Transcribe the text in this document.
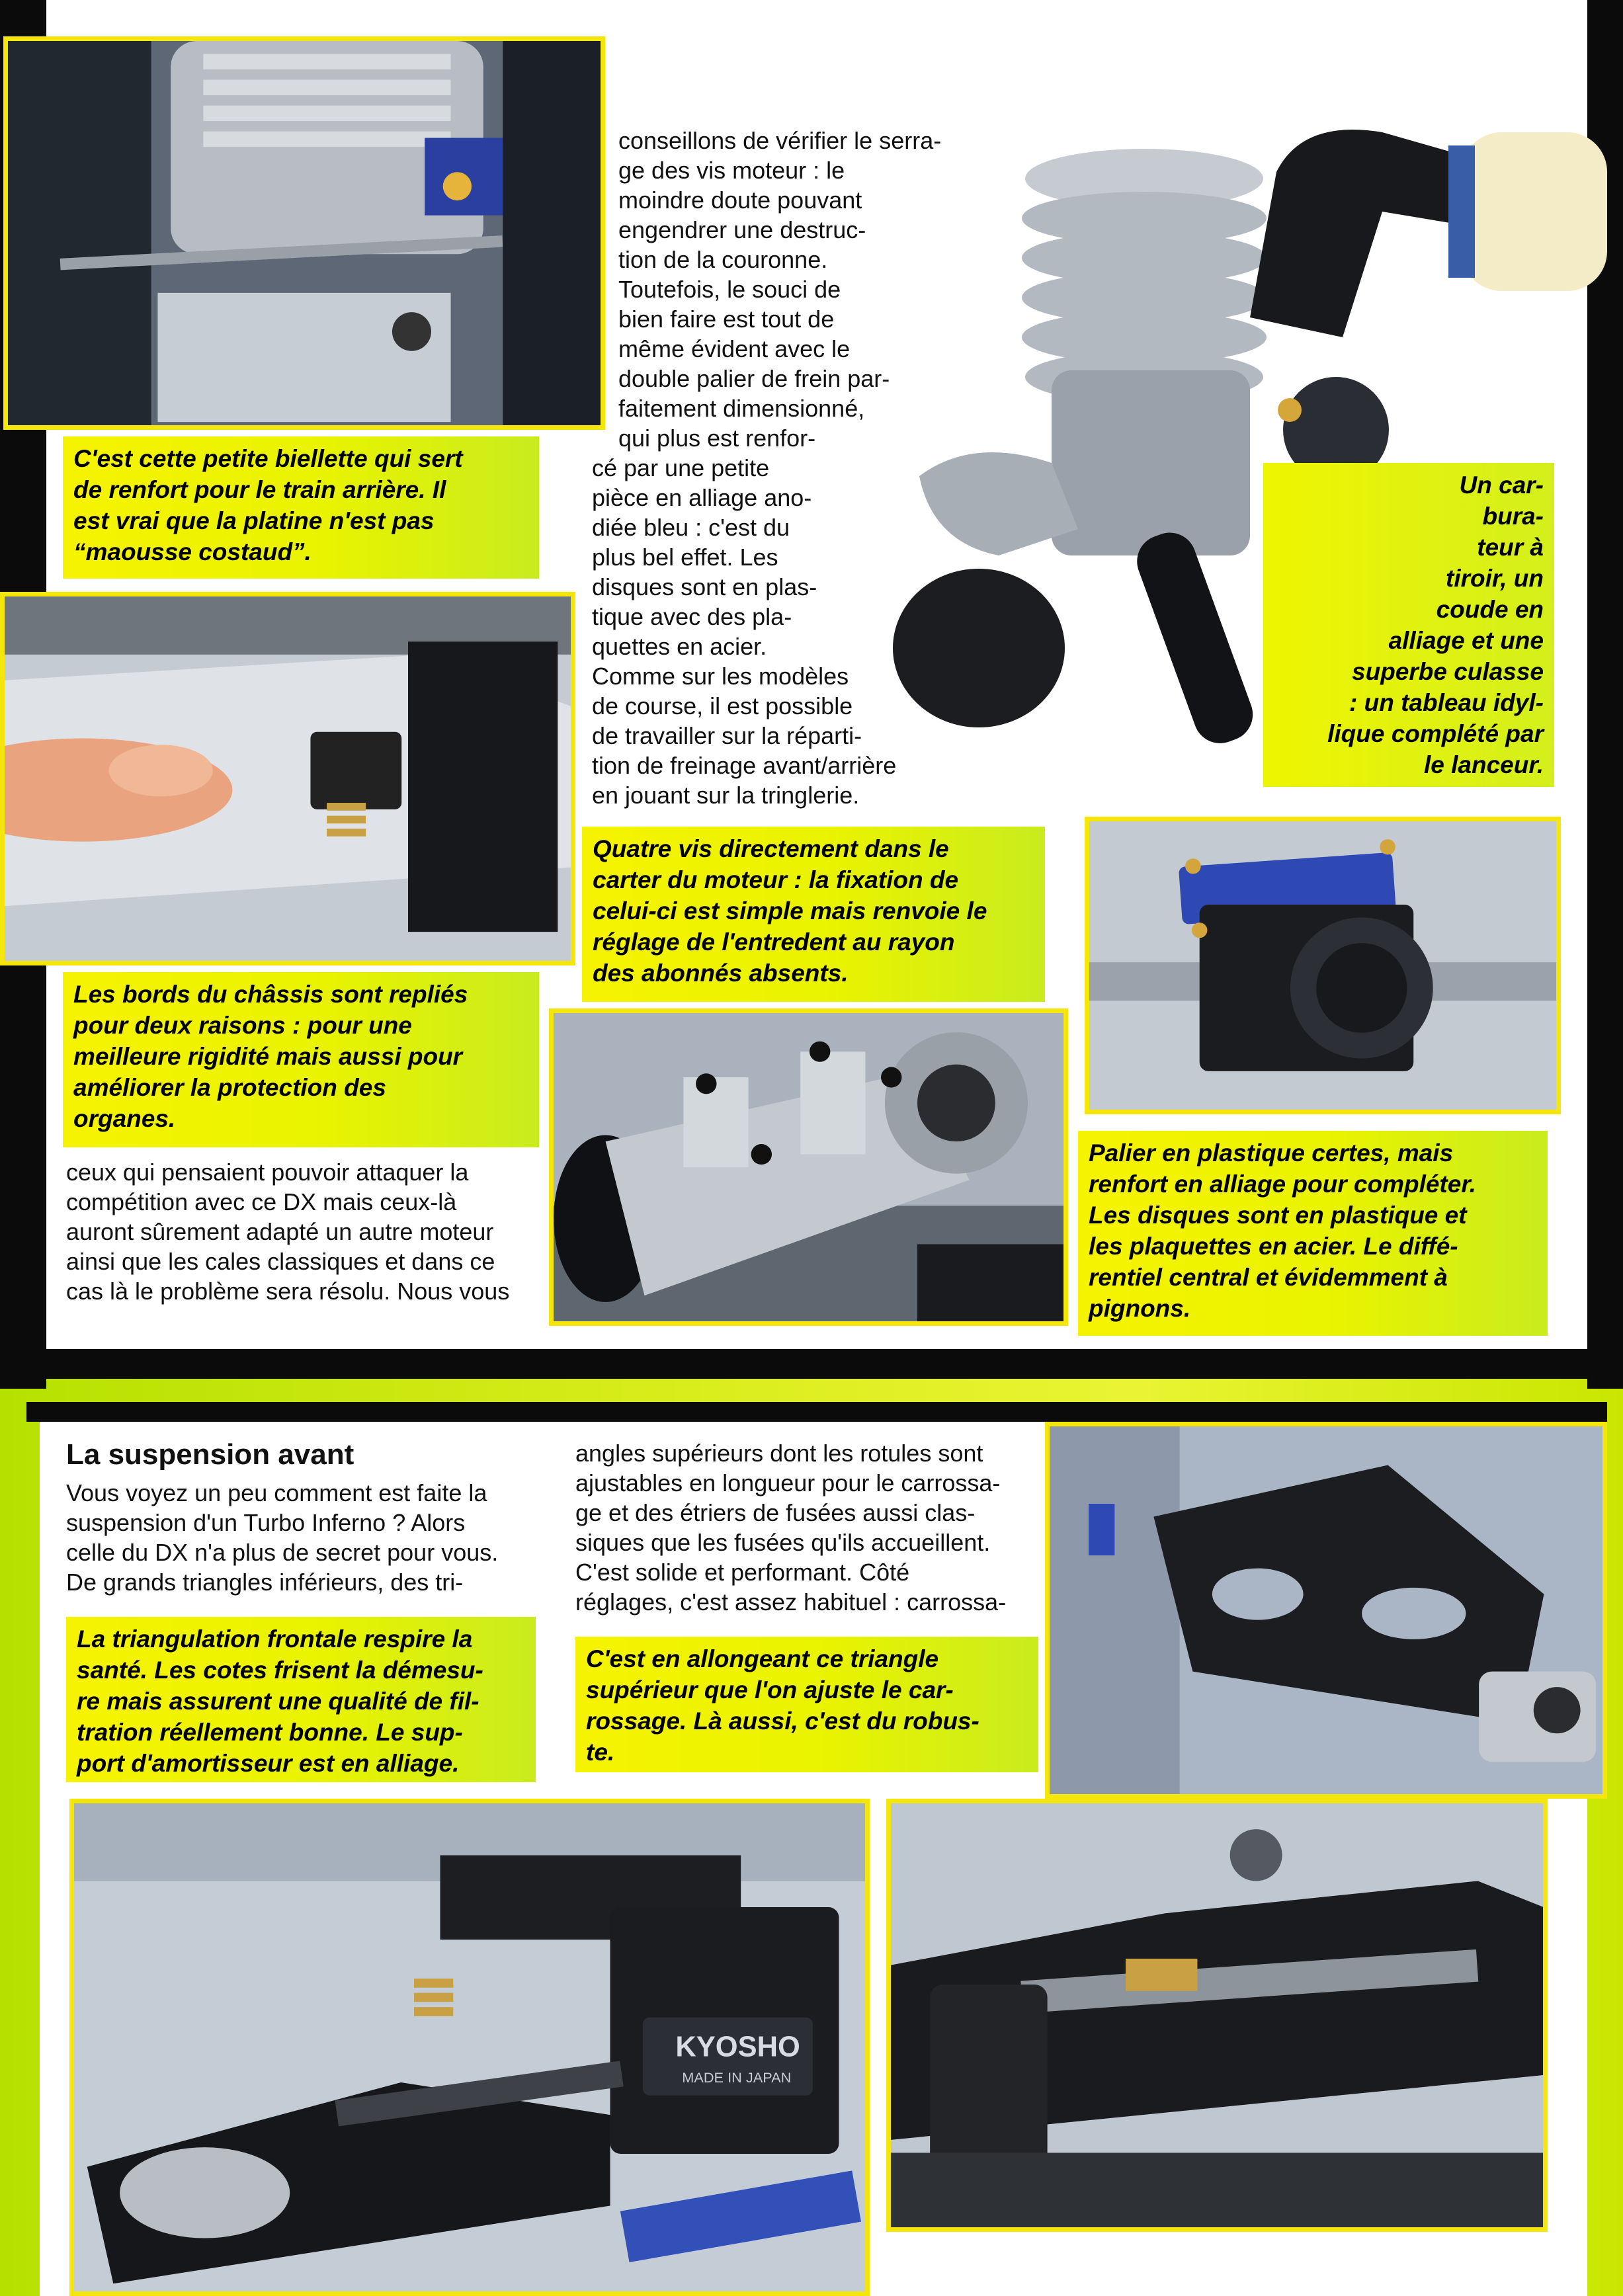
conseillons de vérifier le serra-
ge des vis moteur : le
moindre doute pouvant
engendrer une destruc-
tion de la couronne.
Toutefois, le souci de
bien faire est tout de
même évident avec le
double palier de frein par-
faitement dimensionné,
qui plus est renfor-
cé par une petite
pièce en alliage ano-
diée bleu : c'est du
plus bel effet. Les
disques sont en plas-
tique avec des pla-
quettes en acier.
Comme sur les modèles
de course, il est possible
de travailler sur la réparti-
tion de freinage avant/arrière
en jouant sur la tringlerie.
ceux qui pensaient pouvoir attaquer la
compétition avec ce DX mais ceux-là
auront sûrement adapté un autre moteur
ainsi que les cales classiques et dans ce
cas là le problème sera résolu. Nous vous
C'est cette petite biellette qui sert
de renfort pour le train arrière. Il
est vrai que la platine n'est pas
“maousse costaud”.
Un car-
bura-
teur à
tiroir, un
coude en
alliage et une
superbe culasse
: un tableau idyl-
lique complété par
le lanceur.
Quatre vis directement dans le
carter du moteur : la fixation de
celui-ci est simple mais renvoie le
réglage de l'entredent au rayon
des abonnés absents.
Les bords du châssis sont repliés
pour deux raisons : pour une
meilleure rigidité mais aussi pour
améliorer la protection des
organes.
Palier en plastique certes, mais
renfort en alliage pour compléter.
Les disques sont en plastique et
les plaquettes en acier. Le diffé-
rentiel central et évidemment à
pignons.
La suspension avant
Vous voyez un peu comment est faite la
suspension d'un Turbo Inferno ? Alors
celle du DX n'a plus de secret pour vous.
De grands triangles inférieurs, des tri-
angles supérieurs dont les rotules sont
ajustables en longueur pour le carrossa-
ge et des étriers de fusées aussi clas-
siques que les fusées qu'ils accueillent.
C'est solide et performant. Côté
réglages, c'est assez habituel : carrossa-
La triangulation frontale respire la
santé. Les cotes frisent la démesu-
re mais assurent une qualité de fil-
tration réellement bonne. Le sup-
port d'amortisseur est en alliage.
C'est en allongeant ce triangle
supérieur que l'on ajuste le car-
rossage. Là aussi, c'est du robus-
te.
KYOSHO
MADE IN JAPAN
